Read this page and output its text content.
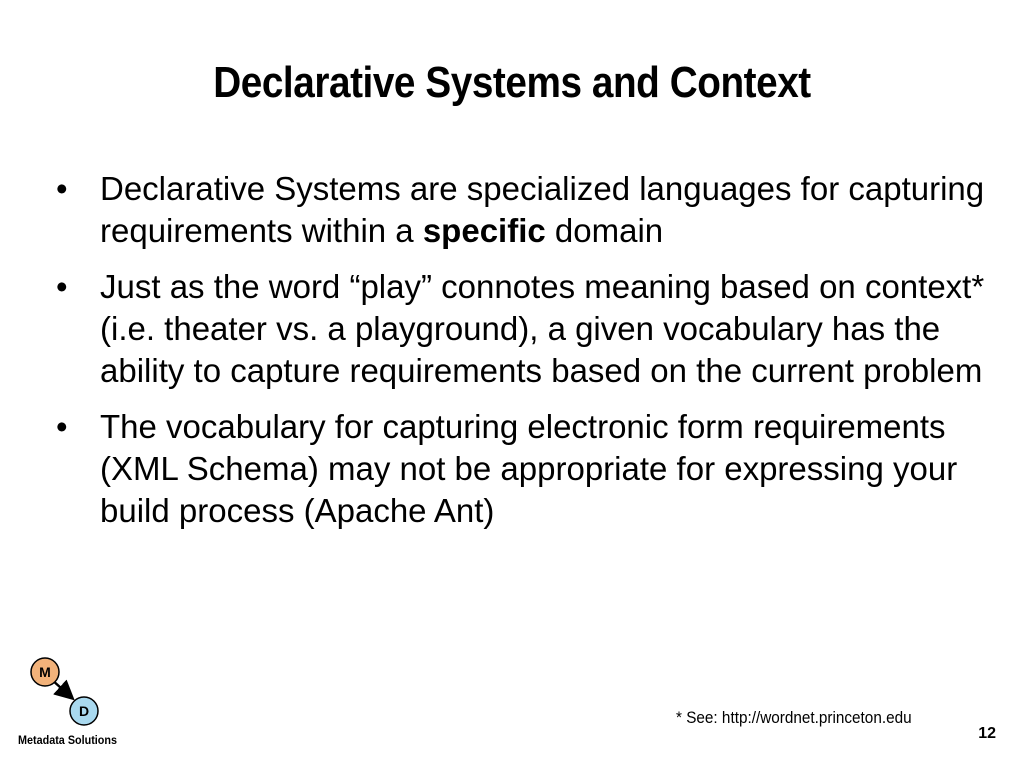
Declarative Systems and Context
• Declarative Systems are specialized languages for capturing requirements within a specific domain
• Just as the word “play” connotes meaning based on context* (i.e. theater vs. a playground), a given vocabulary has the ability to capture requirements based on the current problem
• The vocabulary for capturing electronic form requirements (XML Schema) may not be appropriate for expressing your build process (Apache Ant)
M
D
Metadata Solutions
* See: http://wordnet.princeton.edu
12
